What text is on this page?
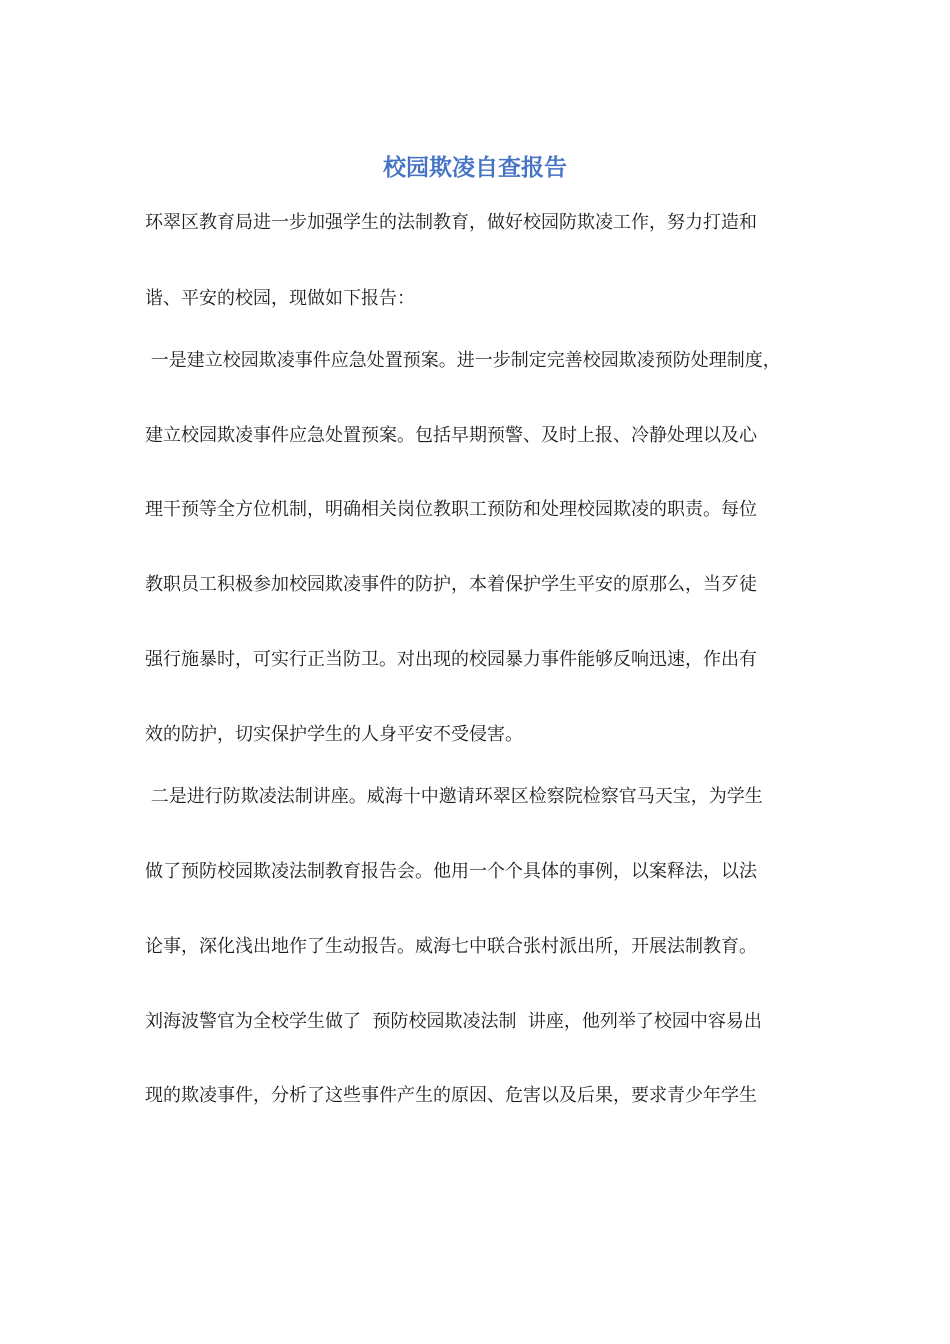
校园欺凌自查报告

环翠区教育局进一步加强学生的法制教育，做好校园防欺凌工作，努力打造和

谐、平安的校园，现做如下报告：

一是建立校园欺凌事件应急处置预案。进一步制定完善校园欺凌预防处理制度，

建立校园欺凌事件应急处置预案。包括早期预警、及时上报、冷静处理以及心

理干预等全方位机制，明确相关岗位教职工预防和处理校园欺凌的职责。每位

教职员工积极参加校园欺凌事件的防护，本着保护学生平安的原那么，当歹徒

强行施暴时，可实行正当防卫。对出现的校园暴力事件能够反响迅速，作出有

效的防护，切实保护学生的人身平安不受侵害。

二是进行防欺凌法制讲座。威海十中邀请环翠区检察院检察官马天宝，为学生

做了预防校园欺凌法制教育报告会。他用一个个具体的事例，以案释法，以法

论事，深化浅出地作了生动报告。威海七中联合张村派出所，开展法制教育。

刘海波警官为全校学生做了  预防校园欺凌法制  讲座，他列举了校园中容易出

现的欺凌事件，分析了这些事件产生的原因、危害以及后果，要求青少年学生
